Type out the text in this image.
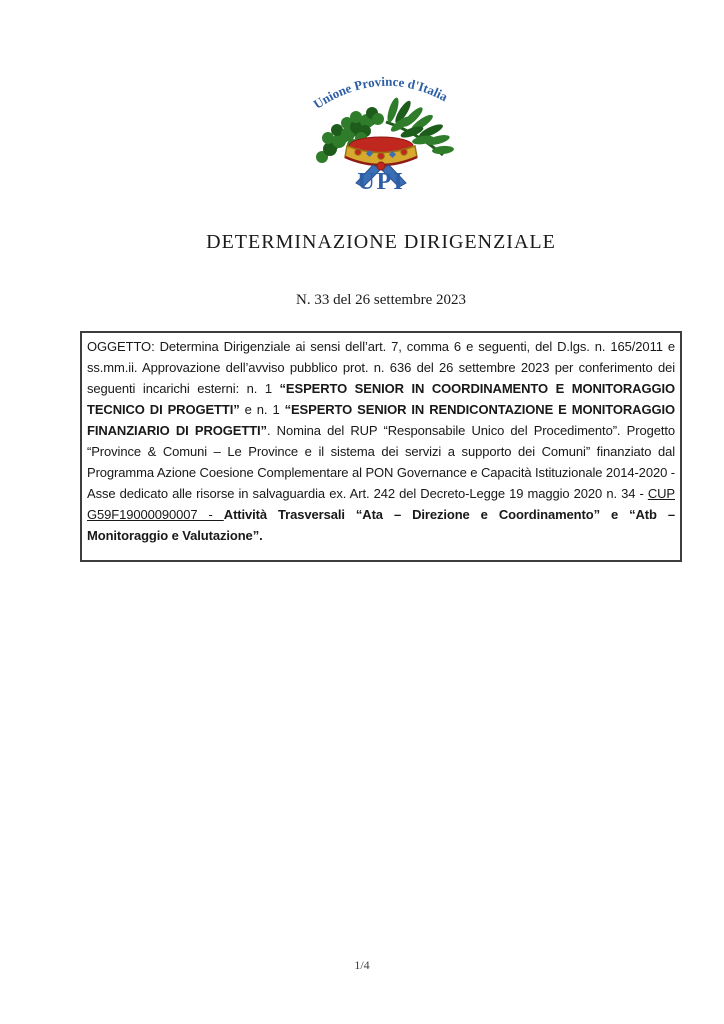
Unione Province d'Italia
UPI
DETERMINAZIONE DIRIGENZIALE
N. 33 del 26 settembre 2023

OGGETTO: Determina Dirigenziale ai sensi dell’art. 7, comma 6 e seguenti, del D.lgs. n. 165/2011 e ss.mm.ii. Approvazione dell’avviso pubblico prot. n. 636 del 26 settembre 2023 per conferimento dei seguenti incarichi esterni: n. 1 “ESPERTO SENIOR IN COORDINAMENTO E MONITORAGGIO TECNICO DI PROGETTI” e n. 1 “ESPERTO SENIOR IN RENDICONTAZIONE E MONITORAGGIO FINANZIARIO DI PROGETTI”. Nomina del RUP “Responsabile Unico del Procedimento”. Progetto “Province & Comuni – Le Province e il sistema dei servizi a supporto dei Comuni” finanziato dal Programma Azione Coesione Complementare al PON Governance e Capacità Istituzionale 2014-2020 - Asse dedicato alle risorse in salvaguardia ex. Art. 242 del Decreto-Legge 19 maggio 2020 n. 34 - CUP G59F19000090007 - Attività Trasversali “Ata – Direzione e Coordinamento” e “Atb – Monitoraggio e Valutazione”.

1/4
